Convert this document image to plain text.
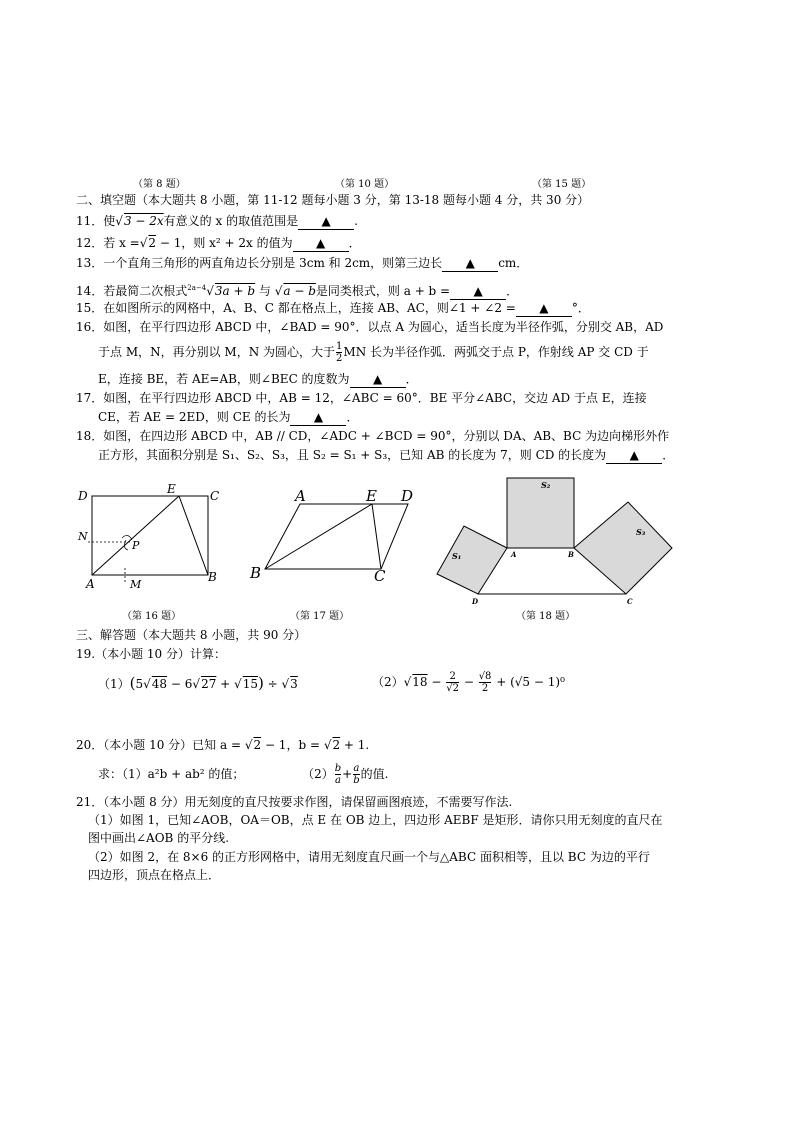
（第 8 题）	（第 10 题）	（第 15 题）
二、填空题（本大题共 8 小题，第 11-12 题每小题 3 分，第 13-18 题每小题 4 分，共 30 分）
11．使√3 − 2x有意义的 x 的取值范围是 ▲ .
12．若 x =√2 − 1，则 x² + 2x 的值为 ▲ ．
13．一个直角三角形的两直角边长分别是 3cm 和 2cm，则第三边长 ▲ cm．
14．若最简二次根式$^{2a-4}$√3a + b 与 √a − b是同类根式，则 a + b = ▲ ．
15．在如图所示的网格中，A、B、C 都在格点上，连接 AB、AC，则∠1 + ∠2 = ▲ °．
16．如图，在平行四边形 ABCD 中，∠BAD = 90°．以点 A 为圆心，适当长度为半径作弧，分别交 AB，AD
于点 M，N，再分别以 M，N 为圆心，大于 $\frac{1}{2}$ MN 长为半径作弧．两弧交于点 P，作射线 AP 交 CD 于
E，连接 BE，若 AE=AB，则∠BEC 的度数为 ▲ ．
17．如图，在平行四边形 ABCD 中，AB = 12，∠ABC = 60°．BE 平分∠ABC，交边 AD 于点 E，连接
CE，若 AE = 2ED，则 CE 的长为 ▲ ．
18．如图，在四边形 ABCD 中，AB // CD，∠ADC + ∠BCD = 90°，分别以 DA、AB、BC 为边向梯形外作
正方形，其面积分别是 S₁、S₂、S₃，且 S₂ = S₁ + S₃，已知 AB 的长度为 7，则 CD 的长度为 ▲ ．
D	E	C
N
P
A	M
B
（第 16 题）
A	E D
B	C
（第 17 题）
S₂
S₁
S₃
A	B
D	C
（第 18 题）
三、解答题（本大题共 8 小题，共 90 分）
19.（本小题 10 分）计算：
（1）(5√48 − 6√27 + √15) ÷ √3	$(2)√18 - \frac{2}{√2} - \frac{√8}{2} + (√5 - 1)^0$
20．（本小题 10 分）已知 a = √2 − 1，b = √2 + 1.
求：（1）a²b + ab² 的值；	$(2) \frac{b}{a} + \frac{a}{b}$ 的值.
21．（本小题 8 分）用无刻度的直尺按要求作图，请保留画图痕迹，不需要写作法.
（1）如图 1，已知∠AOB，OA＝OB，点 E 在 OB 边上，四边形 AEBF 是矩形．请你只用无刻度的直尺在
图中画出∠AOB 的平分线.
（2）如图 2，在 8×6 的正方形网格中，请用无刻度直尺画一个与△ABC 面积相等，且以 BC 为边的平行
四边形，顶点在格点上．
